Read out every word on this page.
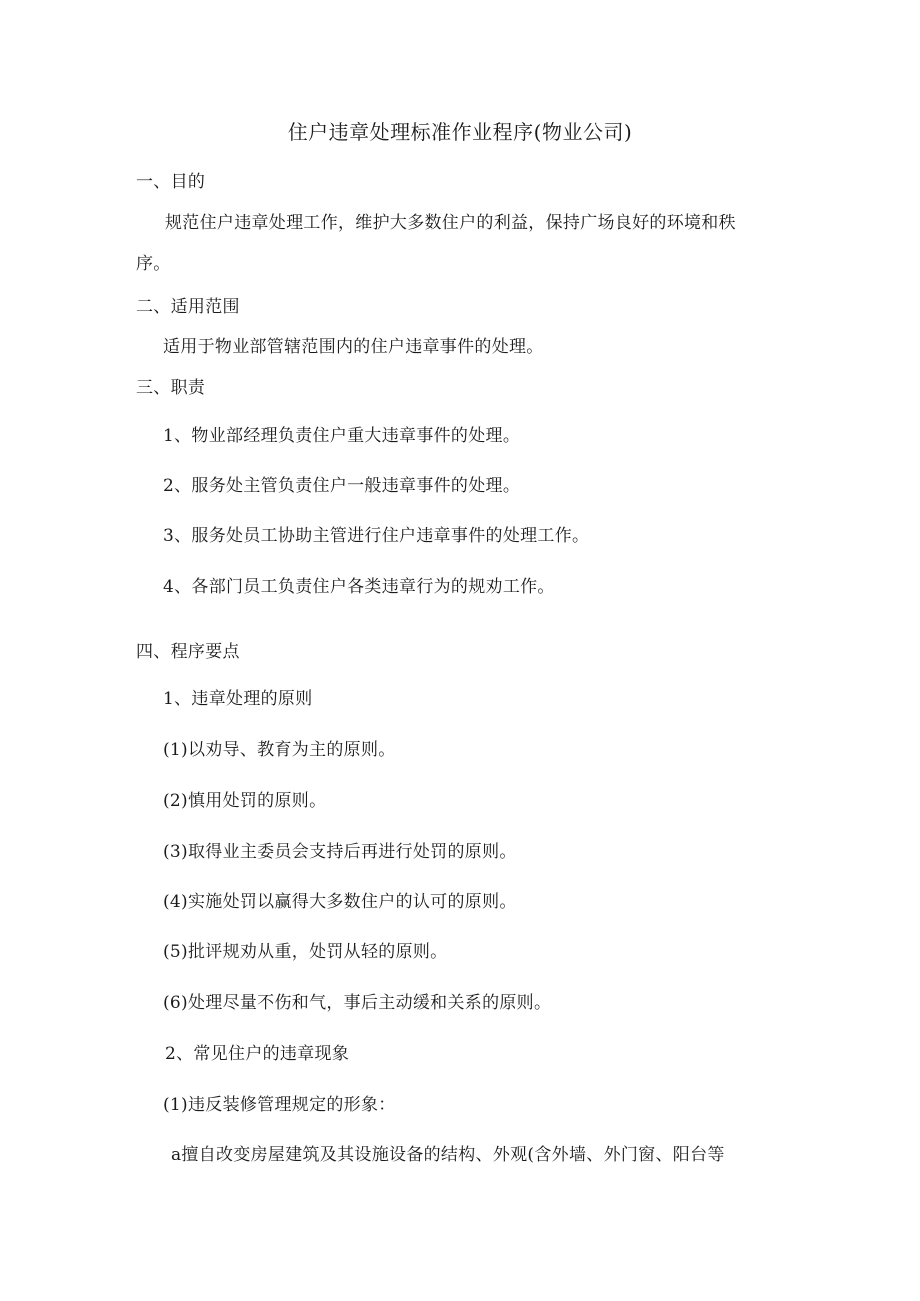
住户违章处理标准作业程序(物业公司)
一、目的
规范住户违章处理工作，维护大多数住户的利益，保持广场良好的环境和秩
序。
二、适用范围
适用于物业部管辖范围内的住户违章事件的处理。
三、职责
1、物业部经理负责住户重大违章事件的处理。
2、服务处主管负责住户一般违章事件的处理。
3、服务处员工协助主管进行住户违章事件的处理工作。
4、各部门员工负责住户各类违章行为的规劝工作。
四、程序要点
1、违章处理的原则
(1)以劝导、教育为主的原则。
(2)慎用处罚的原则。
(3)取得业主委员会支持后再进行处罚的原则。
(4)实施处罚以赢得大多数住户的认可的原则。
(5)批评规劝从重，处罚从轻的原则。
(6)处理尽量不伤和气，事后主动缓和关系的原则。
2、常见住户的违章现象
(1)违反装修管理规定的形象：
a擅自改变房屋建筑及其设施设备的结构、外观(含外墙、外门窗、阳台等
